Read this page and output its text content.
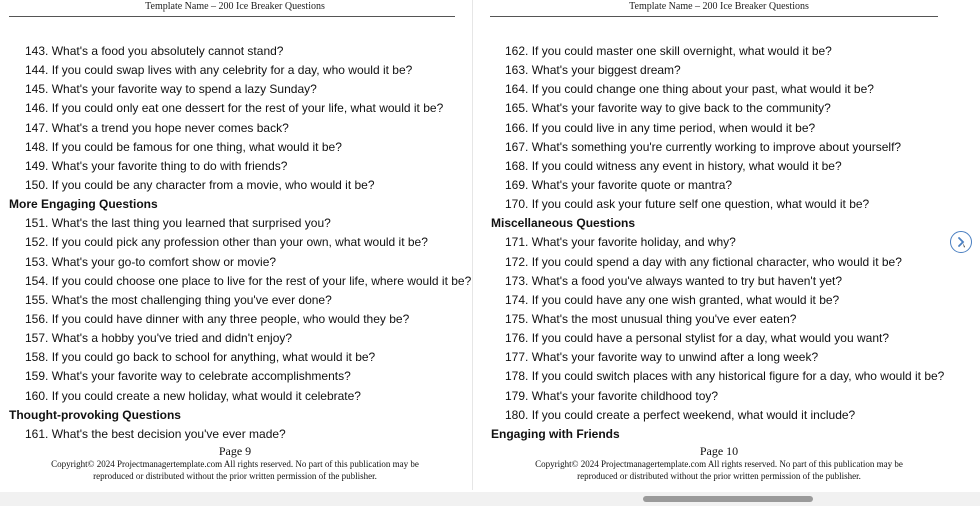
Template Name – 200 Ice Breaker Questions
143. What's a food you absolutely cannot stand?
144. If you could swap lives with any celebrity for a day, who would it be?
145. What's your favorite way to spend a lazy Sunday?
146. If you could only eat one dessert for the rest of your life, what would it be?
147. What's a trend you hope never comes back?
148. If you could be famous for one thing, what would it be?
149. What's your favorite thing to do with friends?
150. If you could be any character from a movie, who would it be?
More Engaging Questions
151. What's the last thing you learned that surprised you?
152. If you could pick any profession other than your own, what would it be?
153. What's your go-to comfort show or movie?
154. If you could choose one place to live for the rest of your life, where would it be?
155. What's the most challenging thing you've ever done?
156. If you could have dinner with any three people, who would they be?
157. What's a hobby you've tried and didn't enjoy?
158. If you could go back to school for anything, what would it be?
159. What's your favorite way to celebrate accomplishments?
160. If you could create a new holiday, what would it celebrate?
Thought-provoking Questions
161. What's the best decision you've ever made?
Page 9
Copyright© 2024 Projectmanagertemplate.com All rights reserved. No part of this publication may be
reproduced or distributed without the prior written permission of the publisher.
Template Name – 200 Ice Breaker Questions
162. If you could master one skill overnight, what would it be?
163. What's your biggest dream?
164. If you could change one thing about your past, what would it be?
165. What's your favorite way to give back to the community?
166. If you could live in any time period, when would it be?
167. What's something you're currently working to improve about yourself?
168. If you could witness any event in history, what would it be?
169. What's your favorite quote or mantra?
170. If you could ask your future self one question, what would it be?
Miscellaneous Questions
171. What's your favorite holiday, and why?
172. If you could spend a day with any fictional character, who would it be?
173. What's a food you've always wanted to try but haven't yet?
174. If you could have any one wish granted, what would it be?
175. What's the most unusual thing you've ever eaten?
176. If you could have a personal stylist for a day, what would you want?
177. What's your favorite way to unwind after a long week?
178. If you could switch places with any historical figure for a day, who would it be?
179. What's your favorite childhood toy?
180. If you could create a perfect weekend, what would it include?
Engaging with Friends
Page 10
Copyright© 2024 Projectmanagertemplate.com All rights reserved. No part of this publication may be
reproduced or distributed without the prior written permission of the publisher.
